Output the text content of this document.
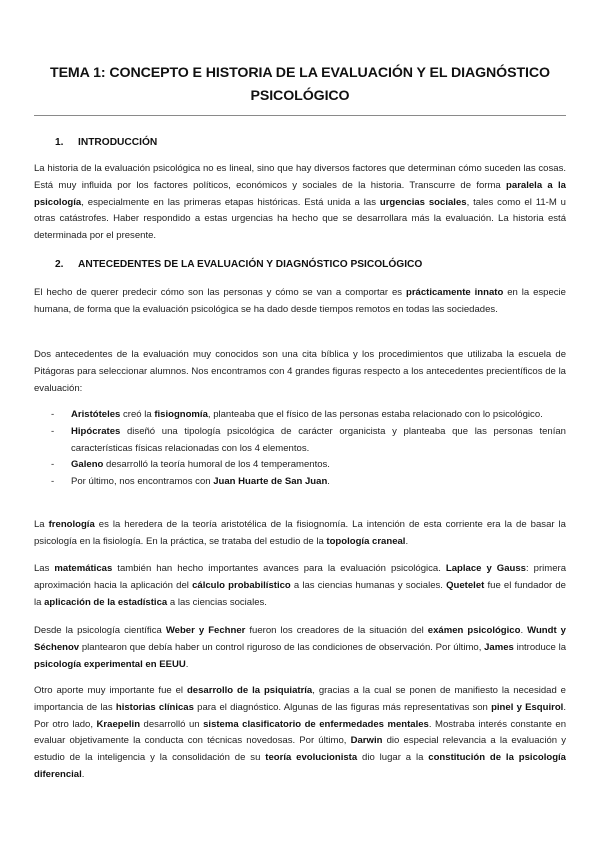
TEMA 1: CONCEPTO E HISTORIA DE LA EVALUACIÓN Y EL DIAGNÓSTICO PSICOLÓGICO
1. INTRODUCCIÓN

La historia de la evaluación psicológica no es lineal, sino que hay diversos factores que determinan cómo suceden las cosas. Está muy influida por los factores políticos, económicos y sociales de la historia. Transcurre de forma paralela a la psicología, especialmente en las primeras etapas históricas. Está unida a las urgencias sociales, tales como el 11-M u otras catástrofes. Haber respondido a estas urgencias ha hecho que se desarrollara más la evaluación. La historia está determinada por el presente.

2. ANTECEDENTES DE LA EVALUACIÓN Y DIAGNÓSTICO PSICOLÓGICO

El hecho de querer predecir cómo son las personas y cómo se van a comportar es prácticamente innato en la especie humana, de forma que la evaluación psicológica se ha dado desde tiempos remotos en todas las sociedades.

Dos antecedentes de la evaluación muy conocidos son una cita bíblica y los procedimientos que utilizaba la escuela de Pitágoras para seleccionar alumnos. Nos encontramos con 4 grandes figuras respecto a los antecedentes precientíficos de la evaluación:

- Aristóteles creó la fisiognomía, planteaba que el físico de las personas estaba relacionado con lo psicológico.
- Hipócrates diseñó una tipología psicológica de carácter organicista y planteaba que las personas tenían características físicas relacionadas con los 4 elementos.
- Galeno desarrolló la teoría humoral de los 4 temperamentos.
- Por último, nos encontramos con Juan Huarte de San Juan.

La frenología es la heredera de la teoría aristotélica de la fisiognomía. La intención de esta corriente era la de basar la psicología en la fisiología. En la práctica, se trataba del estudio de la topología craneal.

Las matemáticas también han hecho importantes avances para la evaluación psicológica. Laplace y Gauss: primera aproximación hacia la aplicación del cálculo probabilístico a las ciencias humanas y sociales. Quetelet fue el fundador de la aplicación de la estadística a las ciencias sociales.

Desde la psicología científica Weber y Fechner fueron los creadores de la situación del exámen psicológico. Wundt y Séchenov plantearon que debía haber un control riguroso de las condiciones de observación. Por último, James introduce la psicología experimental en EEUU.

Otro aporte muy importante fue el desarrollo de la psiquiatría, gracias a la cual se ponen de manifiesto la necesidad e importancia de las historias clínicas para el diagnóstico. Algunas de las figuras más representativas son pinel y Esquirol. Por otro lado, Kraepelin desarrolló un sistema clasificatorio de enfermedades mentales. Mostraba interés constante en evaluar objetivamente la conducta con técnicas novedosas. Por último, Darwin dio especial relevancia a la evaluación y estudio de la inteligencia y la consolidación de su teoría evolucionista dio lugar a la constitución de la psicología diferencial.
